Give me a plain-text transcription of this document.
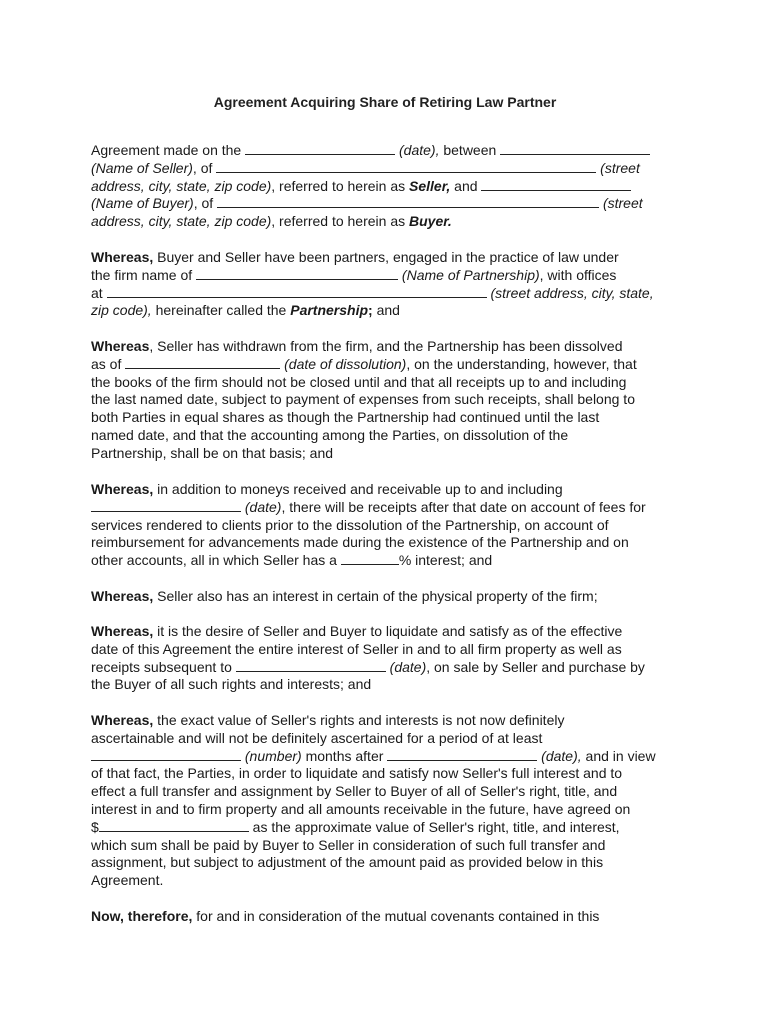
Agreement Acquiring Share of Retiring Law Partner
Agreement made on the	(date), between
(Name of Seller), of	(street
address, city, state, zip code), referred to herein as Seller, and
(Name of Buyer), of	(street
address, city, state, zip code), referred to herein as Buyer.
Whereas, Buyer and Seller have been partners, engaged in the practice of law under
the firm name of	(Name of Partnership), with offices
at	(street address, city, state,
zip code), hereinafter called the Partnership; and
Whereas, Seller has withdrawn from the firm, and the Partnership has been dissolved
as of	(date of dissolution), on the understanding, however, that
the books of the firm should not be closed until and that all receipts up to and including
the last named date, subject to payment of expenses from such receipts, shall belong to
both Parties in equal shares as though the Partnership had continued until the last
named date, and that the accounting among the Parties, on dissolution of the
Partnership, shall be on that basis; and
Whereas, in addition to moneys received and receivable up to and including
(date), there will be receipts after that date on account of fees for
services rendered to clients prior to the dissolution of the Partnership, on account of
reimbursement for advancements made during the existence of the Partnership and on
other accounts, all in which Seller has a	% interest; and
Whereas, Seller also has an interest in certain of the physical property of the firm;
Whereas, it is the desire of Seller and Buyer to liquidate and satisfy as of the effective
date of this Agreement the entire interest of Seller in and to all firm property as well as
receipts subsequent to	(date), on sale by Seller and purchase by
the Buyer of all such rights and interests; and
Whereas, the exact value of Seller's rights and interests is not now definitely
ascertainable and will not be definitely ascertained for a period of at least
(number) months after	(date), and in view
of that fact, the Parties, in order to liquidate and satisfy now Seller's full interest and to
effect a full transfer and assignment by Seller to Buyer of all of Seller's right, title, and
interest in and to firm property and all amounts receivable in the future, have agreed on
$	as the approximate value of Seller's right, title, and interest,
which sum shall be paid by Buyer to Seller in consideration of such full transfer and
assignment, but subject to adjustment of the amount paid as provided below in this
Agreement.
Now, therefore, for and in consideration of the mutual covenants contained in this
